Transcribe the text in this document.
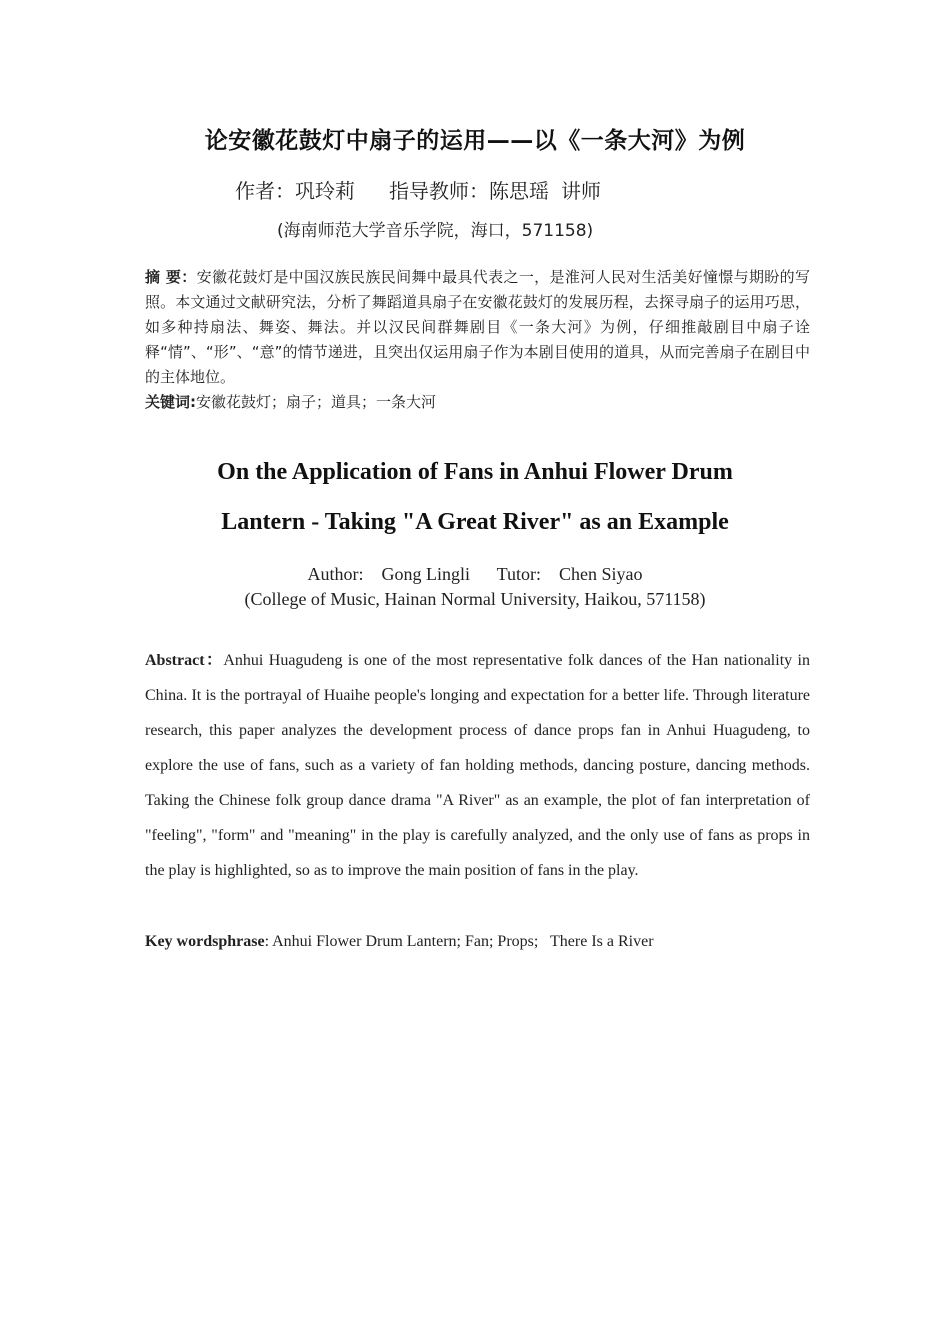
论安徽花鼓灯中扇子的运用——以《一条大河》为例
作者：巩玲莉 指导教师：陈思瑶 讲师
(海南师范大学音乐学院，海口，571158)
摘 要：安徽花鼓灯是中国汉族民族民间舞中最具代表之一，是淮河人民对生活美好憧憬与期盼的写照。本文通过文献研究法，分析了舞蹈道具扇子在安徽花鼓灯的发展历程，去探寻扇子的运用巧思，如多种持扇法、舞姿、舞法。并以汉民间群舞剧目《一条大河》为例，仔细推敲剧目中扇子诠释“情”、“形”、“意”的情节递进，且突出仅运用扇子作为本剧目使用的道具，从而完善扇子在剧目中的主体地位。
关键词:安徽花鼓灯；扇子；道具；一条大河
On the Application of Fans in Anhui Flower Drum
Lantern - Taking "A Great River" as an Example
Author:    Gong Lingli      Tutor:    Chen Siyao
(College of Music, Hainan Normal University, Haikou, 571158)
Abstract：Anhui Huagudeng is one of the most representative folk dances of the Han nationality in China. It is the portrayal of Huaihe people's longing and expectation for a better life. Through literature research, this paper analyzes the development process of dance props fan in Anhui Huagudeng, to explore the use of fans, such as a variety of fan holding methods, dancing posture, dancing methods. Taking the Chinese folk group dance drama "A River" as an example, the plot of fan interpretation of "feeling", "form" and "meaning" in the play is carefully analyzed, and the only use of fans as props in the play is highlighted, so as to improve the main position of fans in the play.
Key wordsphrase: Anhui Flower Drum Lantern; Fan; Props;   There Is a River
